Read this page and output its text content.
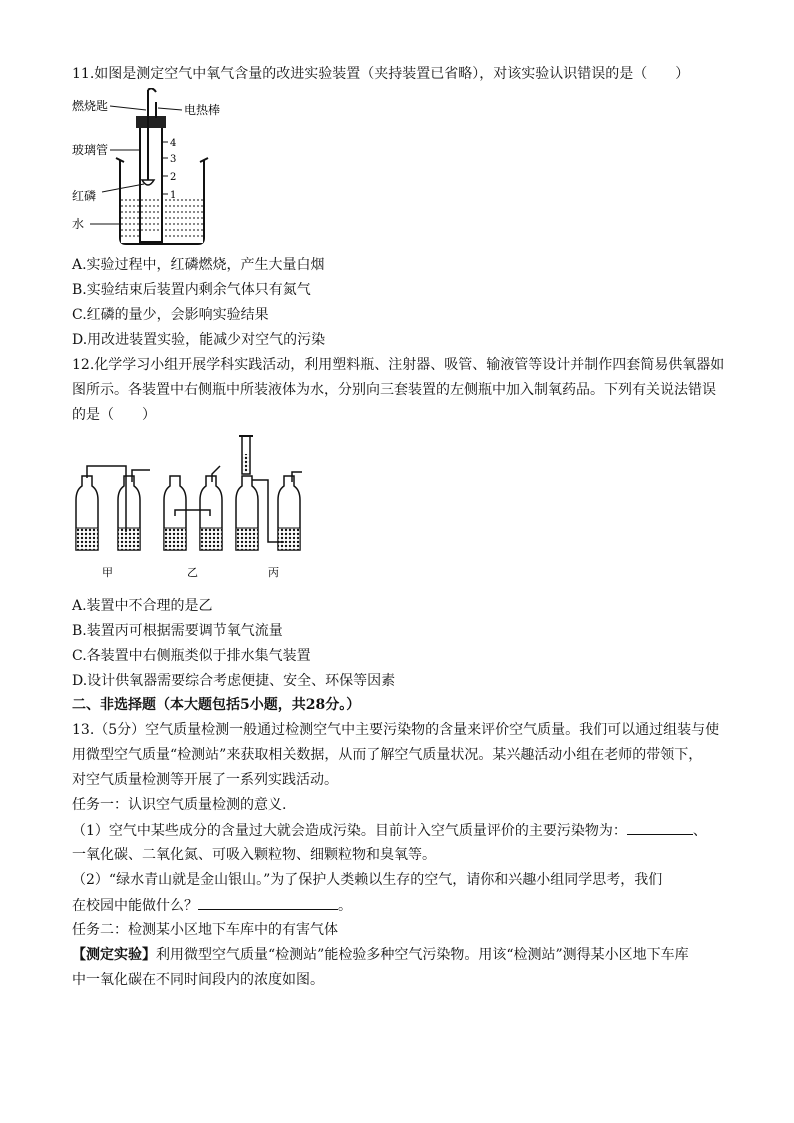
11.如图是测定空气中氧气含量的改进实验装置（夹持装置已省略），对该实验认识错误的是（　　）
4
3
2
1
燃烧匙	电热棒
玻璃管
红磷
水
A.实验过程中，红磷燃烧，产生大量白烟
B.实验结束后装置内剩余气体只有氮气
C.红磷的量少，会影响实验结果
D.用改进装置实验，能减少对空气的污染
12.化学学习小组开展学科实践活动，利用塑料瓶、注射器、吸管、输液管等设计并制作四套简易供氧器如
图所示。各装置中右侧瓶中所装液体为水，分别向三套装置的左侧瓶中加入制氧药品。下列有关说法错误
的是（　　）
甲	乙	丙
A.装置中不合理的是乙
B.装置丙可根据需要调节氧气流量
C.各装置中右侧瓶类似于排水集气装置
D.设计供氧器需要综合考虑便捷、安全、环保等因素
二、非选择题（本大题包括5小题，共28分。）
13.（5分）空气质量检测一般通过检测空气中主要污染物的含量来评价空气质量。我们可以通过组装与使
用微型空气质量“检测站”来获取相关数据，从而了解空气质量状况。某兴趣活动小组在老师的带领下，
对空气质量检测等开展了一系列实践活动。
任务一：认识空气质量检测的意义.
（1）空气中某些成分的含量过大就会造成污染。目前计入空气质量评价的主要污染物为：	、
一氧化碳、二氧化氮、可吸入颗粒物、细颗粒物和臭氧等。
（2）“绿水青山就是金山银山。”为了保护人类赖以生存的空气，请你和兴趣小组同学思考，我们
在校园中能做什么？	。
任务二：检测某小区地下车库中的有害气体
【测定实验】利用微型空气质量“检测站”能检验多种空气污染物。用该“检测站”测得某小区地下车库
中一氧化碳在不同时间段内的浓度如图。
